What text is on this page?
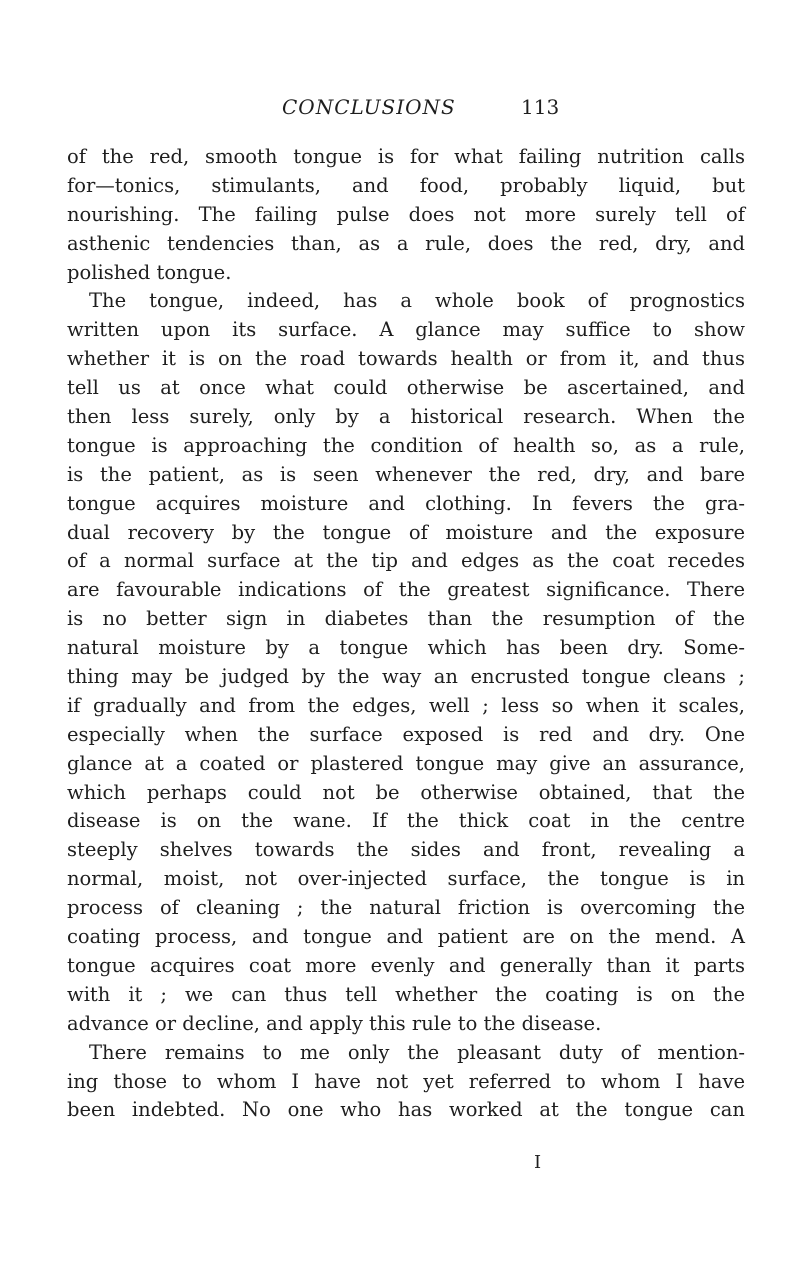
CONCLUSIONS	113
of the red, smooth tongue is for what failing nutrition calls
for—tonics, stimulants, and food, probably liquid, but
nourishing. The failing pulse does not more surely tell of
asthenic tendencies than, as a rule, does the red, dry, and
polished tongue.
The tongue, indeed, has a whole book of prognostics
written upon its surface. A glance may suffice to show
whether it is on the road towards health or from it, and thus
tell us at once what could otherwise be ascertained, and
then less surely, only by a historical research. When the
tongue is approaching the condition of health so, as a rule,
is the patient, as is seen whenever the red, dry, and bare
tongue acquires moisture and clothing. In fevers the gra-
dual recovery by the tongue of moisture and the exposure
of a normal surface at the tip and edges as the coat recedes
are favourable indications of the greatest significance. There
is no better sign in diabetes than the resumption of the
natural moisture by a tongue which has been dry. Some-
thing may be judged by the way an encrusted tongue cleans ;
if gradually and from the edges, well ; less so when it scales,
especially when the surface exposed is red and dry. One
glance at a coated or plastered tongue may give an assurance,
which perhaps could not be otherwise obtained, that the
disease is on the wane. If the thick coat in the centre
steeply shelves towards the sides and front, revealing a
normal, moist, not over-injected surface, the tongue is in
process of cleaning ; the natural friction is overcoming the
coating process, and tongue and patient are on the mend. A
tongue acquires coat more evenly and generally than it parts
with it ; we can thus tell whether the coating is on the
advance or decline, and apply this rule to the disease.
There remains to me only the pleasant duty of mention-
ing those to whom I have not yet referred to whom I have
been indebted. No one who has worked at the tongue can
I
